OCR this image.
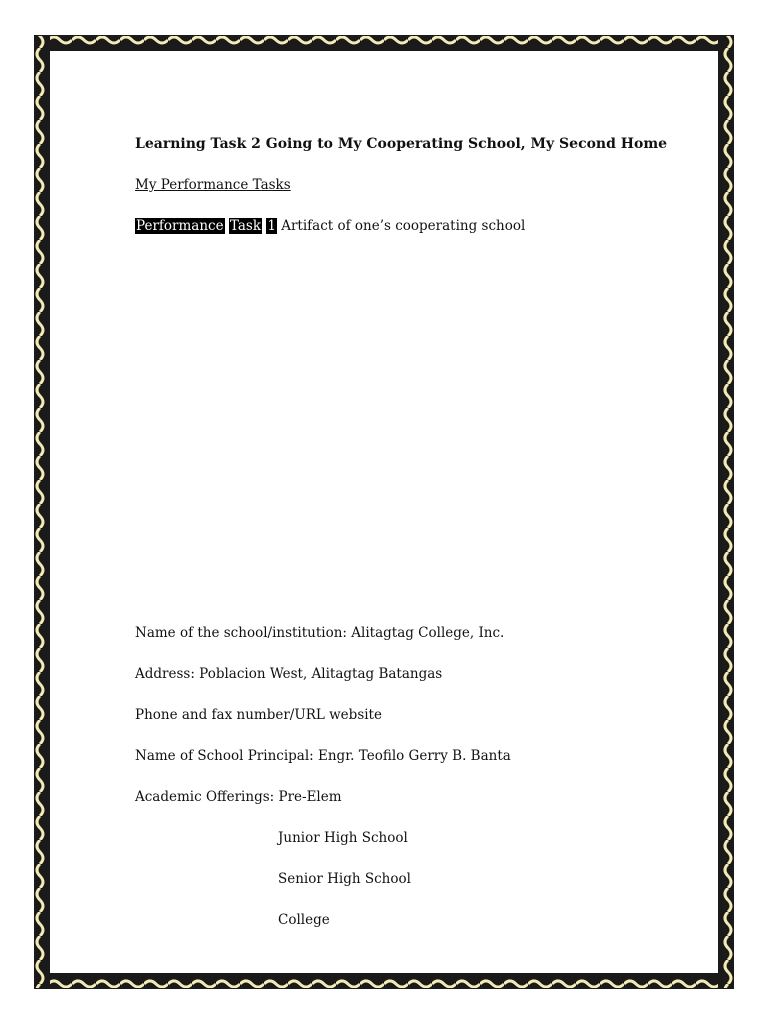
Learning Task 2 Going to My Cooperating School, My Second Home
My Performance Tasks
Performance Task 1 Artifact of one’s cooperating school
Name of the school/institution: Alitagtag College, Inc.
Address: Poblacion West, Alitagtag Batangas
Phone and fax number/URL website
Name of School Principal: Engr. Teofilo Gerry B. Banta
Academic Offerings: Pre-Elem
Junior High School
Senior High School
College
